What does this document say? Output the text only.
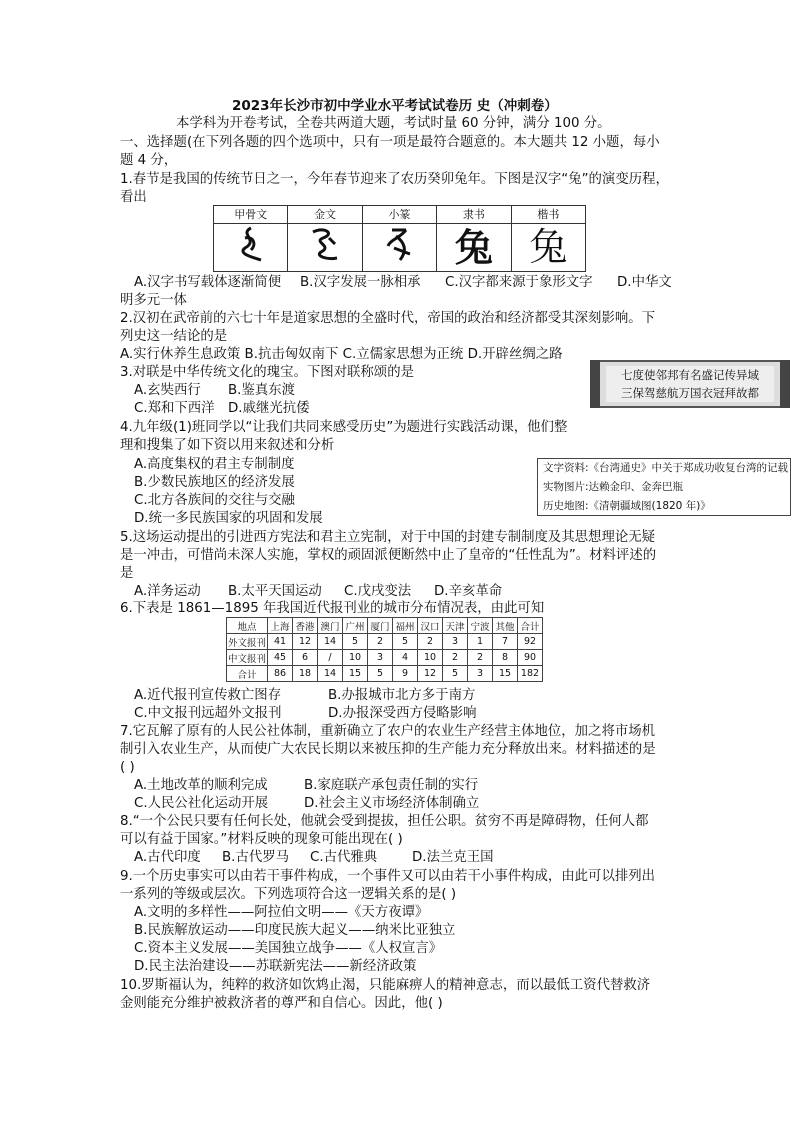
2023年长沙市初中学业水平考试试卷历 史（冲刺卷）
本学科为开卷考试，全卷共两道大题，考试时量 60 分钟，满分 100 分。
一、选择题(在下列各题的四个选项中，只有一项是最符合题意的。本大题共 12 小题，每小
题 4 分，
1.春节是我国的传统节日之一，今年春节迎来了农历癸卯兔年。下图是汉字“兔”的演变历程，
看出
甲骨文	金文	小篆	隶书	楷书
兔 兔
A.汉字书写载体逐渐简便 B.汉字发展一脉相承 C.汉字都来源于象形文字 D.中华文
明多元一体
2.汉初在武帝前的六七十年是道家思想的全盛时代，帝国的政治和经济都受其深刻影响。下
列史这一结论的是
A.实行休养生息政策 B.抗击匈奴南下 C.立儒家思想为正统 D.开辟丝绸之路
3.对联是中华传统文化的瑰宝。下图对联称颂的是
A.玄奘西行 B.鉴真东渡
C.郑和下西洋 D.戚继光抗倭
七度使邻邦有名盛记传异域
三保驾慈航万国衣冠拜故都
4.九年级(1)班同学以“让我们共同来感受历史”为题进行实践活动课，他们整
理和搜集了如下资以用来叙述和分析
A.高度集权的君主专制制度
B.少数民族地区的经济发展
C.北方各族间的交往与交融
D.统一多民族国家的巩固和发展
文字资料:《台湾通史》中关于郑成功收复台湾的记载
实物图片:达赖金印、金奔巴瓶
历史地图:《清朝疆域图(1820 年)》
5.这场运动提出的引进西方宪法和君主立宪制，对于中国的封建专制制度及其思想理论无疑
是一冲击，可惜尚未深人实施，掌权的顽固派便断然中止了皇帝的“任性乱为”。材料评述的
是
A.洋务运动 B.太平天国运动 C.戊戌变法 D.辛亥革命
6.下表是 1861—1895 年我国近代报刊业的城市分布情况表，由此可知
地点	上海	香港	澳门	广州	厦门	福州	汉口	天津	宁波	其他	合计
外文报刊	41	12	14	5	2	5	2	3	1	7	92
中文报刊	45	6	/	10	3	4	10	2	2	8	90
合计	86	18	14	15	5	9	12	5	3	15	182
A.近代报刊宣传救亡图存	B.办报城市北方多于南方
C.中文报刊远超外文报刊	D.办报深受西方侵略影响
7.它瓦解了原有的人民公社体制，重新确立了农户的农业生产经营主体地位，加之将市场机
制引入农业生产，从而使广大农民长期以来被压抑的生产能力充分释放出来。材料描述的是
( )
A.土地改革的顺利完成	B.家庭联产承包责任制的实行
C.人民公社化运动开展	D.社会主义市场经济体制确立
8.“一个公民只要有任何长处，他就会受到提拔，担任公职。贫穷不再是障碍物，任何人都
可以有益于国家。”材料反映的现象可能出现在( )
A.古代印度 B.古代罗马 C.古代雅典	D.法兰克王国
9.一个历史事实可以由若干事件构成，一个事件又可以由若干小事件构成，由此可以排列出
一系列的等级或层次。下列选项符合这一逻辑关系的是( )
A.文明的多样性——阿拉伯文明——《天方夜谭》
B.民族解放运动——印度民族大起义——纳米比亚独立
C.资本主义发展——美国独立战争——《人权宣言》
D.民主法治建设——苏联新宪法——新经济政策
10.罗斯福认为，纯粹的救济如饮鸩止渴，只能麻痹人的精神意志，而以最低工资代替救济
金则能充分维护被救济者的尊严和自信心。因此，他( )
